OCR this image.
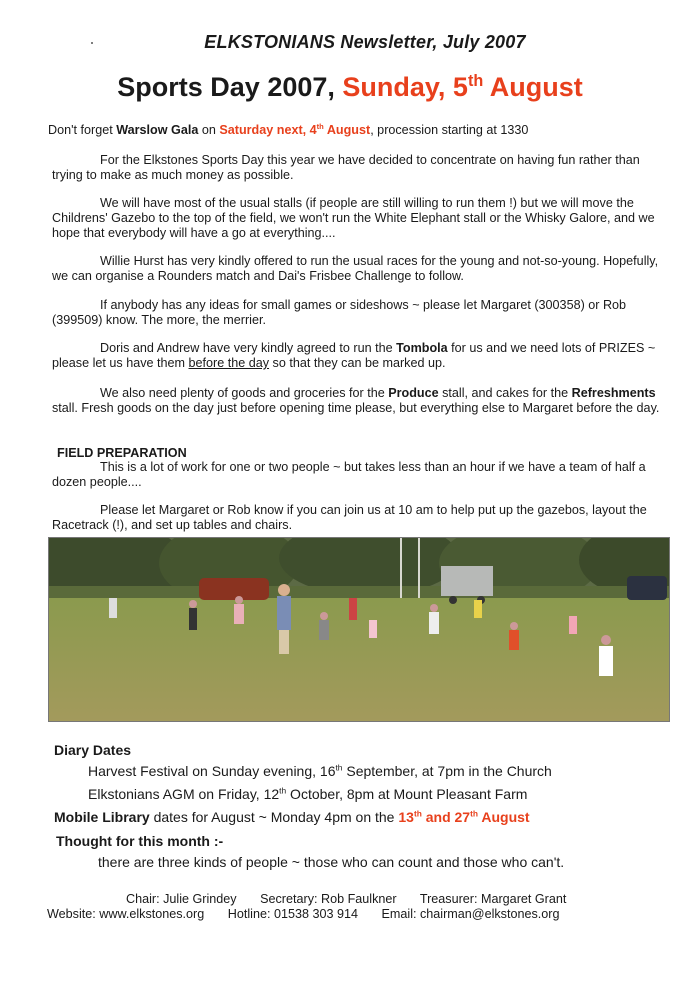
ELKSTONIANS Newsletter, July 2007
Sports Day 2007, Sunday, 5th August
Don't forget Warslow Gala on Saturday next, 4th August, procession starting at 1330
For the Elkstones Sports Day this year we have decided to concentrate on having fun rather than trying to make as much money as possible.
We will have most of the usual stalls (if people are still willing to run them !) but we will move the Childrens' Gazebo to the top of the field, we won't run the White Elephant stall or the Whisky Galore, and we hope that everybody will have a go at everything....
Willie Hurst has very kindly offered to run the usual races for the young and not-so-young. Hopefully, we can organise a Rounders match and Dai's Frisbee Challenge to follow.
If anybody has any ideas for small games or sideshows ~ please let Margaret (300358) or Rob (399509) know. The more, the merrier.
Doris and Andrew have very kindly agreed to run the Tombola for us and we need lots of PRIZES ~ please let us have them before the day so that they can be marked up.
We also need plenty of goods and groceries for the Produce stall, and cakes for the Refreshments stall. Fresh goods on the day just before opening time please, but everything else to Margaret before the day.
FIELD PREPARATION
This is a lot of work for one or two people ~ but takes less than an hour if we have a team of half a dozen people....
Please let Margaret or Rob know if you can join us at 10 am to help put up the gazebos, layout the Racetrack (!), and set up tables and chairs.
Diary Dates
Harvest Festival on Sunday evening, 16th September, at 7pm in the Church
Elkstonians AGM on Friday, 12th October, 8pm at Mount Pleasant Farm
Mobile Library dates for August ~ Monday 4pm on the 13th and 27th August
Thought for this month :-
there are three kinds of people ~ those who can count and those who can't.
Chair: Julie Grindey Secretary: Rob Faulkner Treasurer: Margaret Grant
Website: www.elkstones.org Hotline: 01538 303 914 Email: chairman@elkstones.org
